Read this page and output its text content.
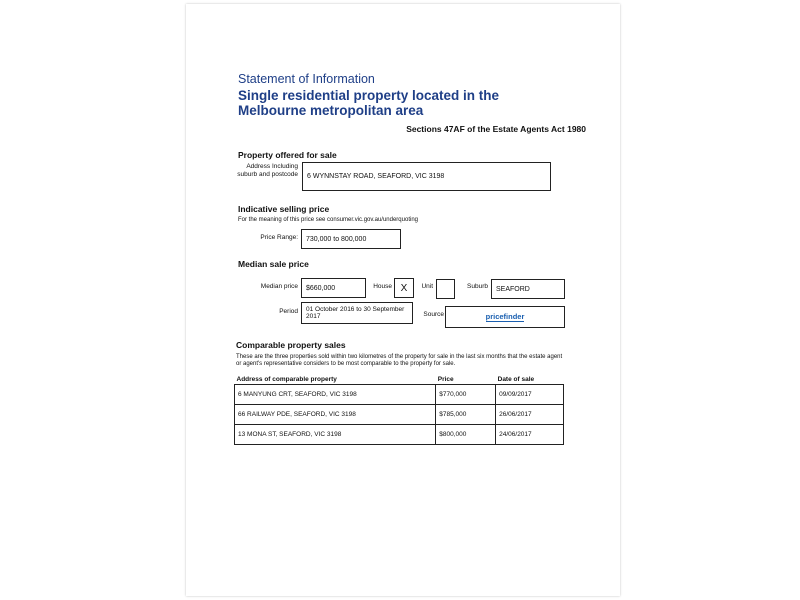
Statement of Information
Single residential property located in the Melbourne metropolitan area
Sections 47AF of the Estate Agents Act 1980
Property offered for sale
Address Including suburb and postcode 6 WYNNSTAY ROAD, SEAFORD, VIC 3198
Indicative selling price
For the meaning of this price see consumer.vic.gov.au/underquoting
Price Range: 730,000 to 800,000
Median sale price
Median price $660,000	House X	Unit	Suburb SEAFORD
Period 01 October 2016 to 30 September 2017	Source	pricefinder
Comparable property sales
These are the three properties sold within two kilometres of the property for sale in the last six months that the estate agent or agent's representative considers to be most comparable to the property for sale.
Address of comparable property	Price	Date of sale
6 MANYUNG CRT, SEAFORD, VIC 3198	$770,000	09/09/2017
66 RAILWAY PDE, SEAFORD, VIC 3198	$785,000	26/06/2017
13 MONA ST, SEAFORD, VIC 3198	$800,000	24/06/2017
